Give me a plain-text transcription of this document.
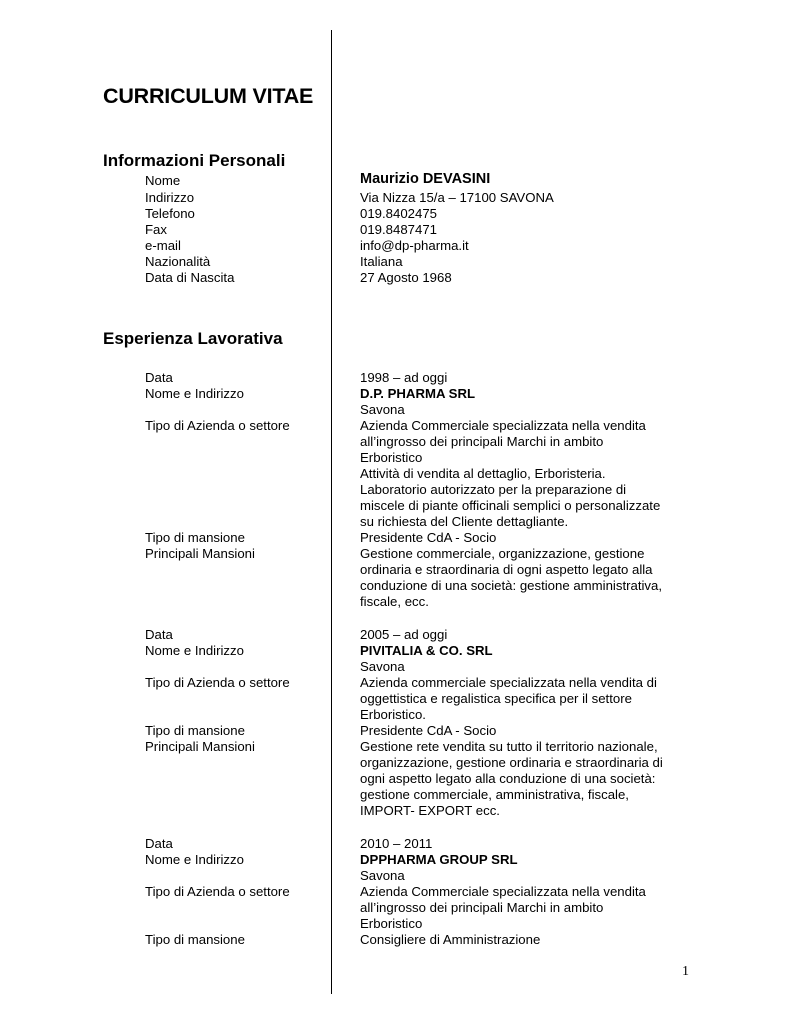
CURRICULUM VITAE
Informazioni Personali
Nome	Maurizio DEVASINI
Indirizzo	Via Nizza 15/a – 17100 SAVONA
Telefono	019.8402475
Fax	019.8487471
e-mail	info@dp-pharma.it
Nazionalità	Italiana
Data di Nascita	27 Agosto 1968
Esperienza Lavorativa
Data	1998 – ad oggi
Nome e Indirizzo	D.P. PHARMA SRL
Savona
Tipo di Azienda o settore	Azienda Commerciale specializzata nella vendita
all’ingrosso dei principali Marchi in ambito
Erboristico
Attività di vendita al dettaglio, Erboristeria.
Laboratorio autorizzato per la preparazione di
miscele di piante officinali semplici o personalizzate
su richiesta del Cliente dettagliante.
Tipo di mansione	Presidente CdA - Socio
Principali Mansioni	Gestione commerciale, organizzazione, gestione
ordinaria e straordinaria di ogni aspetto legato alla
conduzione di una società: gestione amministrativa,
fiscale, ecc.
Data	2005 – ad oggi
Nome e Indirizzo	PIVITALIA & CO. SRL
Savona
Tipo di Azienda o settore	Azienda commerciale specializzata nella vendita di
oggettistica e regalistica specifica per il settore
Erboristico.
Tipo di mansione	Presidente CdA - Socio
Principali Mansioni	Gestione rete vendita su tutto il territorio nazionale,
organizzazione, gestione ordinaria e straordinaria di
ogni aspetto legato alla conduzione di una società:
gestione commerciale, amministrativa, fiscale,
IMPORT- EXPORT ecc.
Data	2010 – 2011
Nome e Indirizzo	DPPHARMA GROUP SRL
Savona
Tipo di Azienda o settore	Azienda Commerciale specializzata nella vendita
all’ingrosso dei principali Marchi in ambito
Erboristico
Tipo di mansione	Consigliere di Amministrazione
1
